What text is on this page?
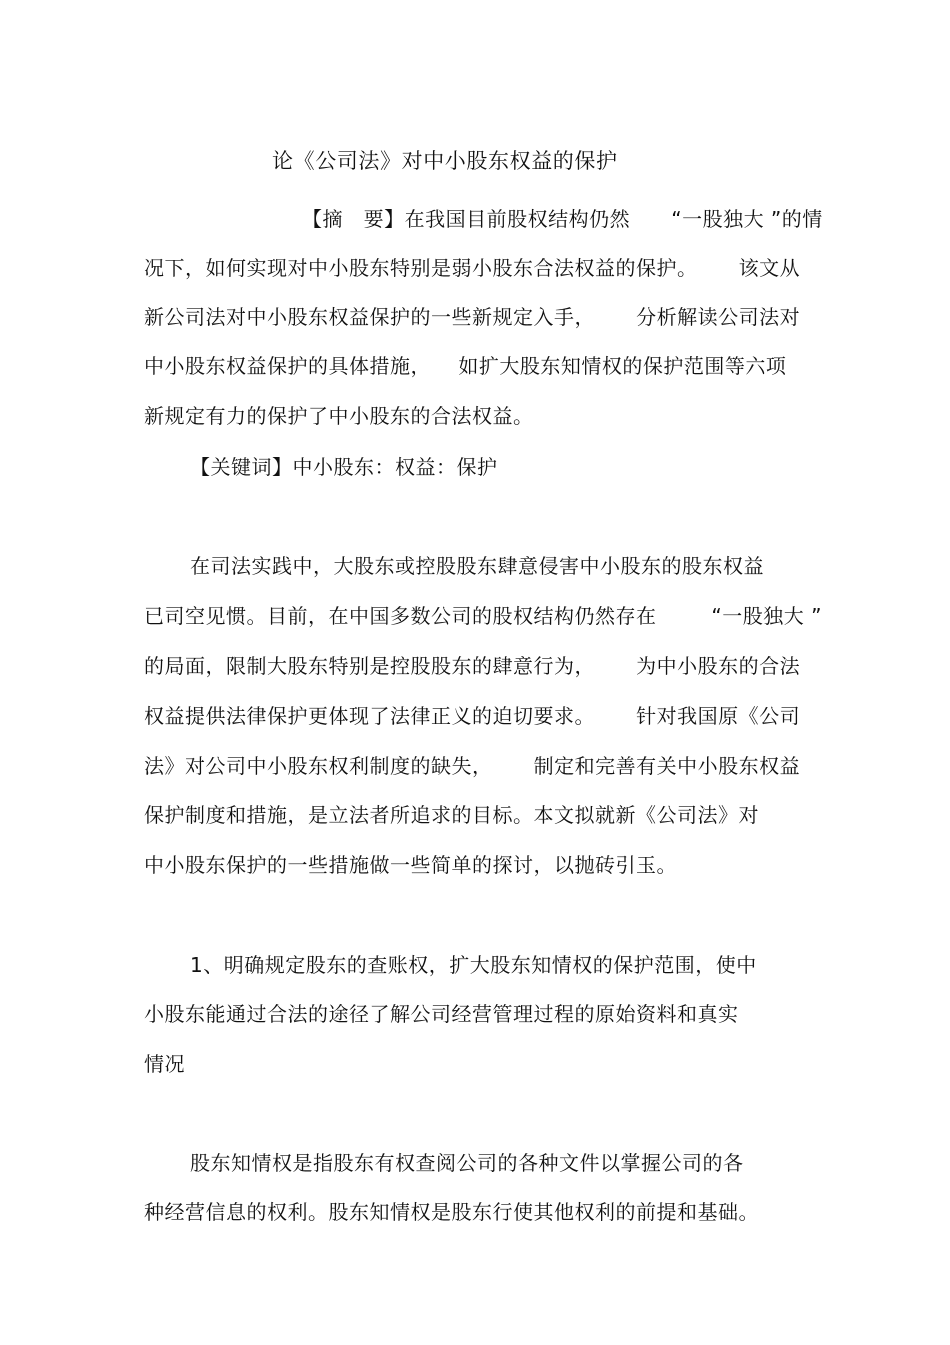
论《公司法》对中小股东权益的保护
【摘   要】在我国目前股权结构仍然      “一股独大 ”的情
况下，如何实现对中小股东特别是弱小股东合法权益的保护。      该文从
新公司法对中小股东权益保护的一些新规定入手，      分析解读公司法对
中小股东权益保护的具体措施，    如扩大股东知情权的保护范围等六项
新规定有力的保护了中小股东的合法权益。
【关键词】中小股东：权益：保护
在司法实践中，大股东或控股股东肆意侵害中小股东的股东权益
已司空见惯。目前，在中国多数公司的股权结构仍然存在        “一股独大 ”
的局面，限制大股东特别是控股股东的肆意行为，      为中小股东的合法
权益提供法律保护更体现了法律正义的迫切要求。      针对我国原《公司
法》对公司中小股东权利制度的缺失，      制定和完善有关中小股东权益
保护制度和措施，是立法者所追求的目标。本文拟就新《公司法》对
中小股东保护的一些措施做一些简单的探讨，以抛砖引玉。
1、明确规定股东的查账权，扩大股东知情权的保护范围，使中
小股东能通过合法的途径了解公司经营管理过程的原始资料和真实
情况
股东知情权是指股东有权查阅公司的各种文件以掌握公司的各
种经营信息的权利。股东知情权是股东行使其他权利的前提和基础。
